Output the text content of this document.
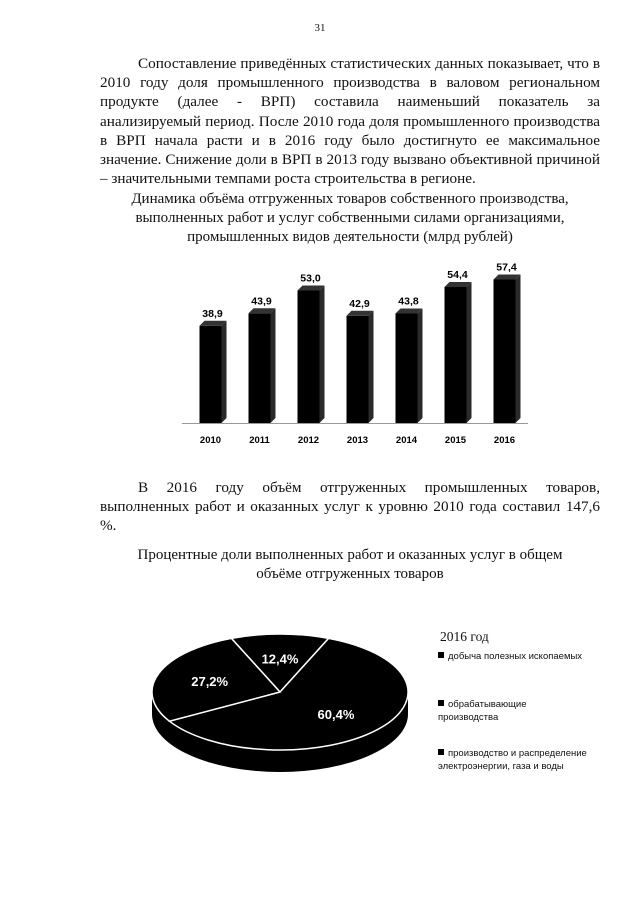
31
Сопоставление приведённых статистических данных показывает, что в 2010 году доля промышленного производства в валовом региональном продукте (далее - ВРП) составила наименьший показатель за анализируемый период. После 2010 года доля промышленного производства в ВРП начала расти и в 2016 году было достигнуто ее максимальное значение. Снижение доли в ВРП в 2013 году вызвано объективной причиной – значительными темпами роста строительства в регионе.
Динамика объёма отгруженных товаров собственного производства, выполненных работ и услуг собственными силами организациями, промышленных видов деятельности (млрд рублей)
38,9
2010
43,9
2011
53,0
2012
42,9
2013
43,8
2014
54,4
2015
57,4
2016
В 2016 году объём отгруженных промышленных товаров, выполненных работ и оказанных услуг к уровню 2010 года составил 147,6 %.
Процентные доли выполненных работ и оказанных услуг в общем объёме отгруженных товаров
12,4%
60,4%
27,2%
2016 год
добыча полезных ископаемых
обрабатывающие производства
производство и распределение электроэнергии, газа и воды
